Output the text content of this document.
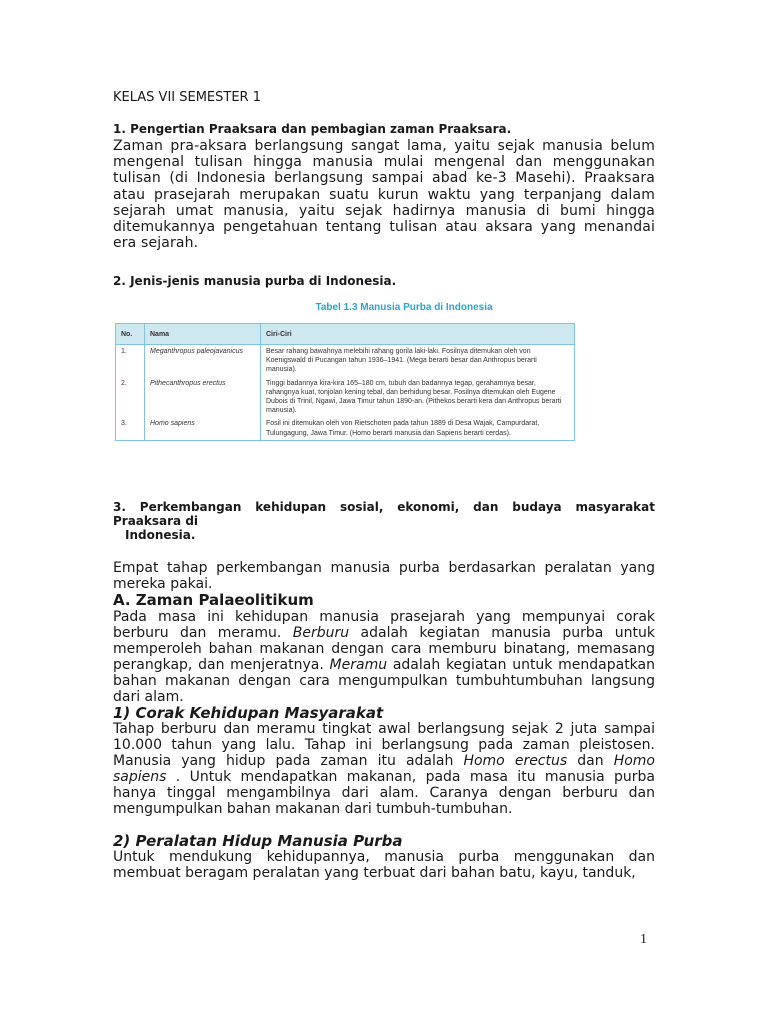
KELAS VII SEMESTER 1
1. Pengertian Praaksara dan pembagian zaman Praaksara.
Zaman pra-aksara berlangsung sangat lama, yaitu sejak manusia belum mengenal tulisan hingga manusia mulai mengenal dan menggunakan tulisan (di Indonesia berlangsung sampai abad ke-3 Masehi). Praaksara atau prasejarah merupakan suatu kurun waktu yang terpanjang dalam sejarah umat manusia, yaitu sejak hadirnya manusia di bumi hingga ditemukannya pengetahuan tentang tulisan atau aksara yang menandai era sejarah.
2. Jenis-jenis manusia purba di Indonesia.
Tabel 1.3 Manusia Purba di Indonesia
No.	Nama	Ciri-Ciri
1.	Meganthropus paleojavanicus	Besar rahang bawahnya melebihi rahang gorila laki-laki. Fosilnya ditemukan oleh von Koenigswald di Pucangan tahun 1936–1941. (Mega berarti besar dan Anthropus berarti manusia).
2.	Pithecanthropus erectus	Tinggi badannya kira-kira 165–180 cm, tubuh dan badannya tegap, gerahamnya besar, rahangnya kuat, tonjolan kening tebal, dan berhidung besar. Fosilnya ditemukan oleh Eugene Dubois di Trinil, Ngawi, Jawa Timur tahun 1890-an. (Pithekos berarti kera dan Anthropus berarti manusia).
3.	Homo sapiens	Fosil ini ditemukan oleh von Rietschoten pada tahun 1889 di Desa Wajak, Campurdarat, Tulungagung, Jawa Timur. (Homo berarti manusia dan Sapiens berarti cerdas).
3. Perkembangan kehidupan sosial, ekonomi, dan budaya masyarakat Praaksara di
Indonesia.
Empat tahap perkembangan manusia purba berdasarkan peralatan yang mereka pakai.
A. Zaman Palaeolitikum
Pada masa ini kehidupan manusia prasejarah yang mempunyai corak berburu dan meramu. Berburu adalah kegiatan manusia purba untuk memperoleh bahan makanan dengan cara memburu binatang, memasang perangkap, dan menjeratnya. Meramu adalah kegiatan untuk mendapatkan bahan makanan dengan cara mengumpulkan tumbuhtumbuhan langsung dari alam.
1) Corak Kehidupan Masyarakat
Tahap berburu dan meramu tingkat awal berlangsung sejak 2 juta sampai 10.000 tahun yang lalu. Tahap ini berlangsung pada zaman pleistosen. Manusia yang hidup pada zaman itu adalah Homo erectus dan Homo sapiens . Untuk mendapatkan makanan, pada masa itu manusia purba hanya tinggal mengambilnya dari alam. Caranya dengan berburu dan mengumpulkan bahan makanan dari tumbuh-tumbuhan.
2) Peralatan Hidup Manusia Purba
Untuk mendukung kehidupannya, manusia purba menggunakan dan membuat beragam peralatan yang terbuat dari bahan batu, kayu, tanduk,
1
